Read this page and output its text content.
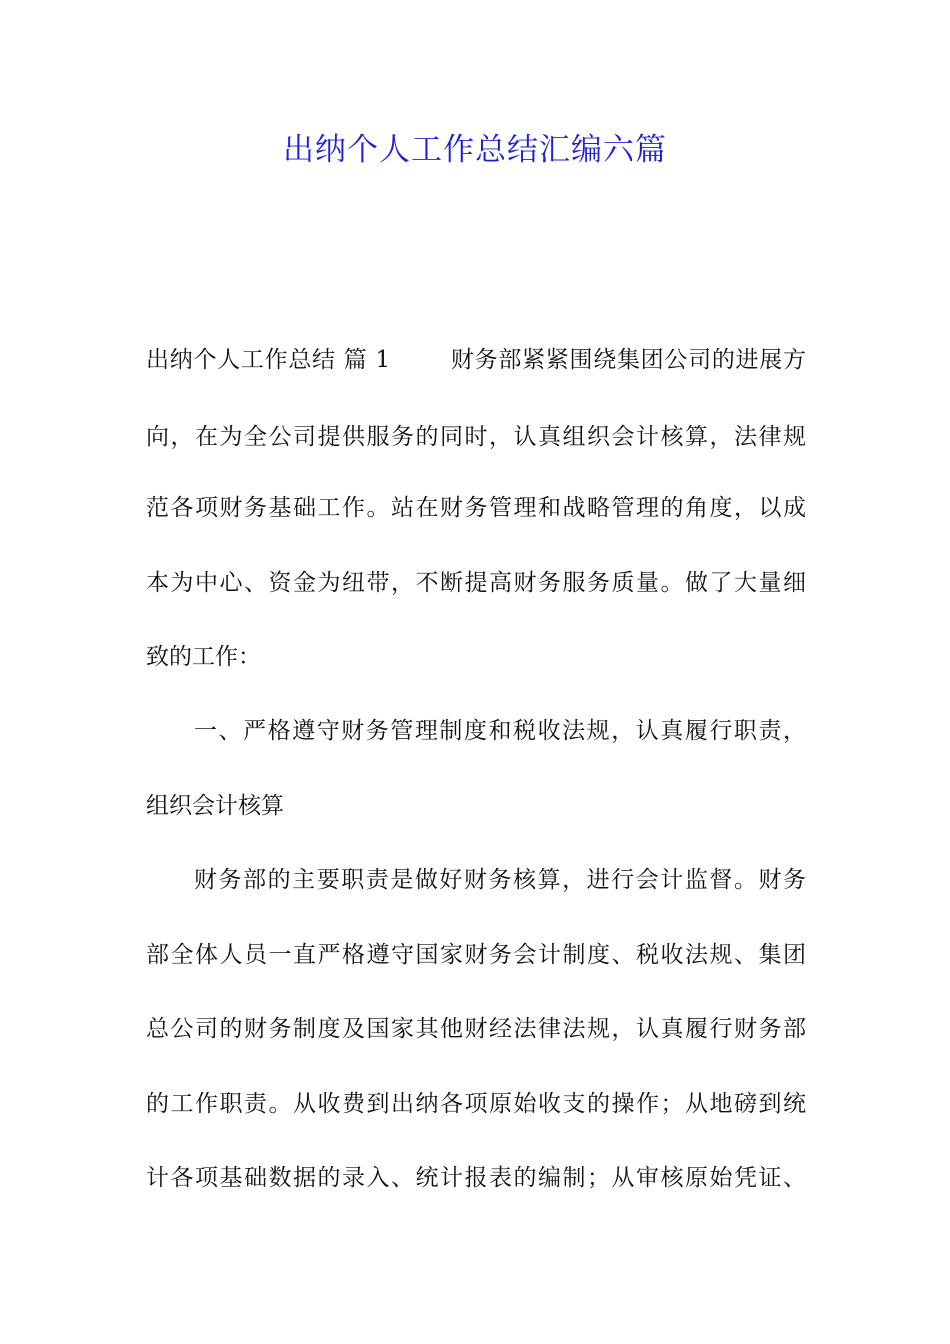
出纳个人工作总结汇编六篇
出纳个人工作总结 篇 1	财务部紧紧围绕集团公司的进展方
向，在为全公司提供服务的同时，认真组织会计核算，法律规
范各项财务基础工作。站在财务管理和战略管理的角度，以成
本为中心、资金为纽带，不断提高财务服务质量。做了大量细
致的工作：
一、严格遵守财务管理制度和税收法规，认真履行职责，
组织会计核算
财务部的主要职责是做好财务核算，进行会计监督。财务
部全体人员一直严格遵守国家财务会计制度、税收法规、集团
总公司的财务制度及国家其他财经法律法规，认真履行财务部
的工作职责。从收费到出纳各项原始收支的操作；从地磅到统
计各项基础数据的录入、统计报表的编制；从审核原始凭证、
